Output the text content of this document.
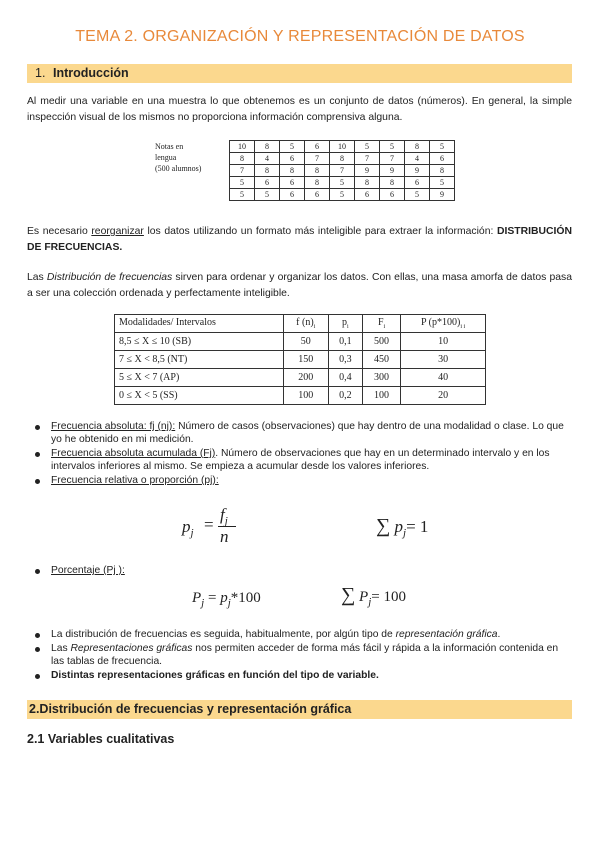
TEMA 2. ORGANIZACIÓN Y REPRESENTACIÓN DE DATOS
1. Introducción

Al medir una variable en una muestra lo que obtenemos es un conjunto de datos (números). En general, la simple inspección visual de los mismos no proporciona información comprensiva alguna.

Notas en
lengua
(500 alumnos)	10	8	5	6	10	5	5	8	5
	8	4	6	7	8	7	7	4	6
	7	8	8	8	7	9	9	9	8
	5	6	6	8	5	8	8	6	5
	5	5	6	6	5	6	6	5	9

Es necesario reorganizar los datos utilizando un formato más inteligible para extraer la información: DISTRIBUCIÓN DE FRECUENCIAS.

Las Distribución de frecuencias sirven para ordenar y organizar los datos. Con ellas, una masa amorfa de datos pasa a ser una colección ordenada y perfectamente inteligible.

Modalidades/ Intervalos	f $(n)_i$	$p_i$	$F_i$	P $(p*100)_{i i}$
8,5 ≤ X ≤ 10 (SB)	50	0,1	500	10
7 ≤ X < 8,5 (NT)	150	0,3	450	30
5 ≤ X < 7 (AP)	200	0,4	300	40
0 ≤ X < 5 (SS)	100	0,2	100	20
Frecuencia absoluta: fj (nj): Número de casos (observaciones) que hay dentro de una modalidad o clase. Lo que yo he obtenido en mi medición.
Frecuencia absoluta acumulada (Fj). Número de observaciones que hay en un determinado intervalo y en los intervalos inferiores al mismo. Se empieza a acumular desde los valores inferiores.
Frecuencia relativa o proporción (pj):
$p_j$ =
$f_j$
n	∑ $p_j= 1$
Porcentaje (Pj ):
$P_j = p_j*100$	∑ $P_j= 100$
La distribución de frecuencias es seguida, habitualmente, por algún tipo de representación gráfica.
Las Representaciones gráficas nos permiten acceder de forma más fácil y rápida a la información contenida en las tablas de frecuencia.
Distintas representaciones gráficas en función del tipo de variable.
2.Distribución de frecuencias y representación gráfica
2.1 Variables cualitativas
